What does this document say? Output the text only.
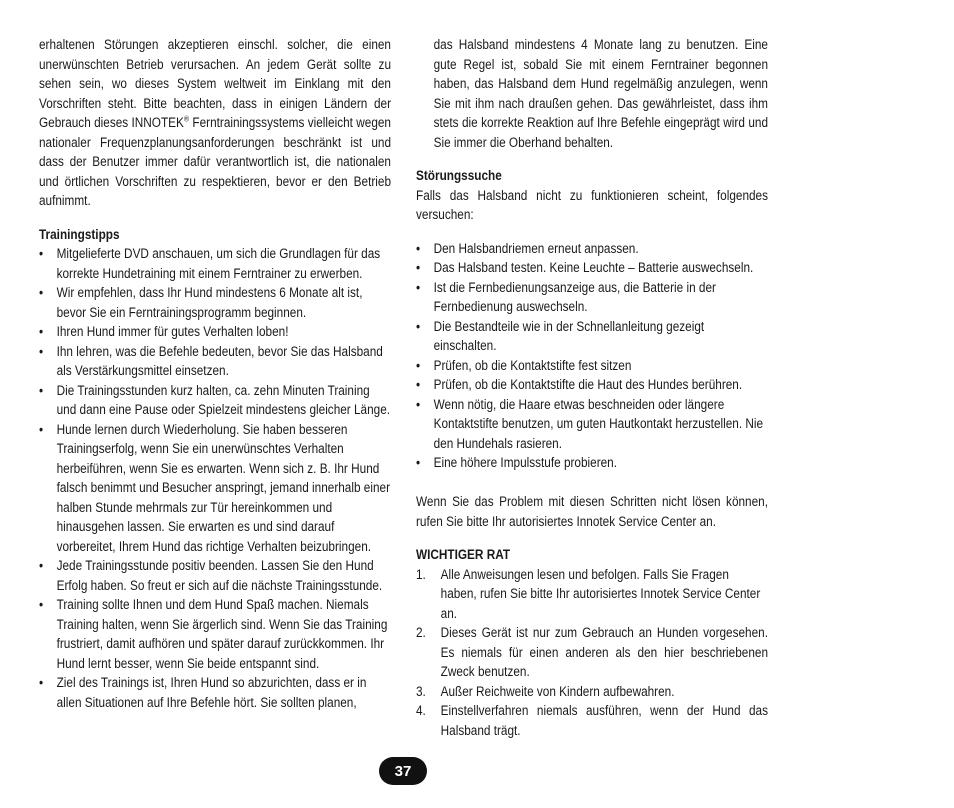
erhaltenen Störungen akzeptieren einschl. solcher, die einen unerwünschten Betrieb verursachen. An jedem Gerät sollte zu sehen sein, wo dieses System weltweit im Einklang mit den Vorschriften steht. Bitte beachten, dass in einigen Ländern der Gebrauch dieses INNOTEK® Ferntrainingssystems vielleicht wegen nationaler Frequenzplanungsanforderungen beschränkt ist und dass der Benutzer immer dafür verantwortlich ist, die nationalen und örtlichen Vorschriften zu respektieren, bevor er den Betrieb aufnimmt.

Trainingstipps

• Mitgelieferte DVD anschauen, um sich die Grundlagen für das korrekte Hundetraining mit einem Ferntrainer zu erwerben.
• Wir empfehlen, dass Ihr Hund mindestens 6 Monate alt ist, bevor Sie ein Ferntrainingsprogramm beginnen.
• Ihren Hund immer für gutes Verhalten loben!
• Ihn lehren, was die Befehle bedeuten, bevor Sie das Halsband als Verstärkungsmittel einsetzen.
• Die Trainingsstunden kurz halten, ca. zehn Minuten Training und dann eine Pause oder Spielzeit mindestens gleicher Länge.
• Hunde lernen durch Wiederholung. Sie haben besseren Trainingserfolg, wenn Sie ein unerwünschtes Verhalten herbeiführen, wenn Sie es erwarten. Wenn sich z. B. Ihr Hund falsch benimmt und Besucher anspringt, jemand innerhalb einer halben Stunde mehrmals zur Tür hereinkommen und hinausgehen lassen. Sie erwarten es und sind darauf vorbereitet, Ihrem Hund das richtige Verhalten beizubringen.
• Jede Trainingsstunde positiv beenden. Lassen Sie den Hund Erfolg haben. So freut er sich auf die nächste Trainingsstunde.
• Training sollte Ihnen und dem Hund Spaß machen. Niemals Training halten, wenn Sie ärgerlich sind. Wenn Sie das Training frustriert, damit aufhören und später darauf zurückkommen. Ihr Hund lernt besser, wenn Sie beide entspannt sind.
• Ziel des Trainings ist, Ihren Hund so abzurichten, dass er in allen Situationen auf Ihre Befehle hört. Sie sollten planen,

das Halsband mindestens 4 Monate lang zu benutzen. Eine gute Regel ist, sobald Sie mit einem Ferntrainer begonnen haben, das Halsband dem Hund regelmäßig anzulegen, wenn Sie mit ihm nach draußen gehen. Das gewährleistet, dass ihm stets die korrekte Reaktion auf Ihre Befehle eingeprägt wird und Sie immer die Oberhand behalten.

Störungssuche

Falls das Halsband nicht zu funktionieren scheint, folgendes versuchen:

• Den Halsbandriemen erneut anpassen.
• Das Halsband testen. Keine Leuchte – Batterie auswechseln.
• Ist die Fernbedienungsanzeige aus, die Batterie in der Fernbedienung auswechseln.
• Die Bestandteile wie in der Schnellanleitung gezeigt einschalten.
• Prüfen, ob die Kontaktstifte fest sitzen
• Prüfen, ob die Kontaktstifte die Haut des Hundes berühren.
• Wenn nötig, die Haare etwas beschneiden oder längere Kontaktstifte benutzen, um guten Hautkontakt herzustellen. Nie den Hundehals rasieren.
• Eine höhere Impulsstufe probieren.

Wenn Sie das Problem mit diesen Schritten nicht lösen können, rufen Sie bitte Ihr autorisiertes Innotek Service Center an.

WICHTIGER RAT

1. Alle Anweisungen lesen und befolgen. Falls Sie Fragen haben, rufen Sie bitte Ihr autorisiertes Innotek Service Center an.
2. Dieses Gerät ist nur zum Gebrauch an Hunden vorgesehen. Es niemals für einen anderen als den hier beschriebenen Zweck benutzen.
3. Außer Reichweite von Kindern aufbewahren.
4. Einstellverfahren niemals ausführen, wenn der Hund das Halsband trägt.
37
